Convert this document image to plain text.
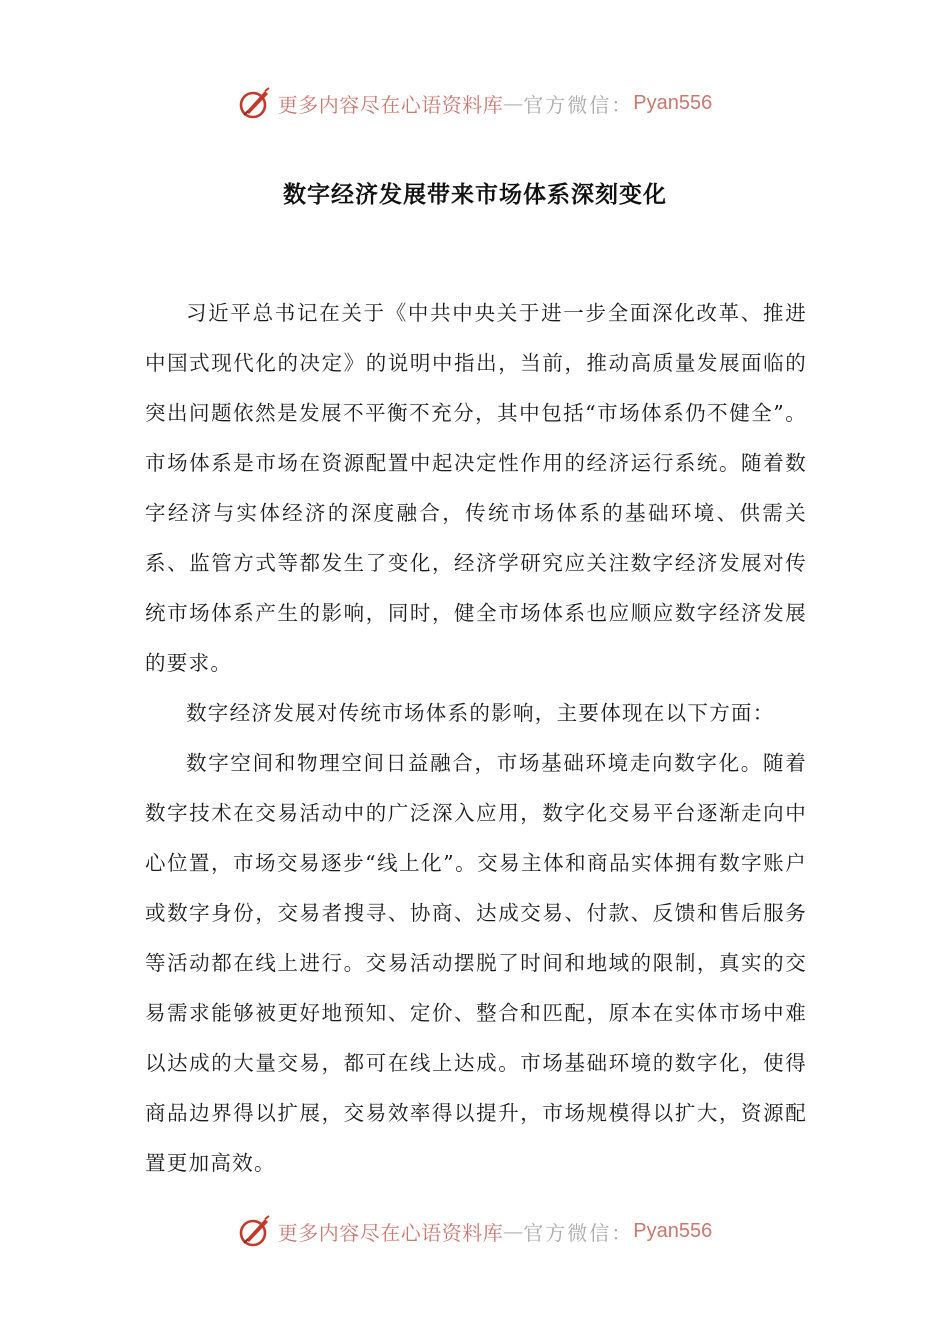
更多内容尽在心语资料库 — 官方微信： Pyan556
数字经济发展带来市场体系深刻变化

习近平总书记在关于《中共中央关于进一步全面深化改革、推进中国式现代化的决定》的说明中指出，当前，推动高质量发展面临的突出问题依然是发展不平衡不充分，其中包括“市场体系仍不健全”。市场体系是市场在资源配置中起决定性作用的经济运行系统。随着数字经济与实体经济的深度融合，传统市场体系的基础环境、供需关系、监管方式等都发生了变化，经济学研究应关注数字经济发展对传统市场体系产生的影响，同时，健全市场体系也应顺应数字经济发展的要求。

数字经济发展对传统市场体系的影响，主要体现在以下方面：

数字空间和物理空间日益融合，市场基础环境走向数字化。随着数字技术在交易活动中的广泛深入应用，数字化交易平台逐渐走向中心位置，市场交易逐步“线上化”。交易主体和商品实体拥有数字账户或数字身份，交易者搜寻、协商、达成交易、付款、反馈和售后服务等活动都在线上进行。交易活动摆脱了时间和地域的限制，真实的交易需求能够被更好地预知、定价、整合和匹配，原本在实体市场中难以达成的大量交易，都可在线上达成。市场基础环境的数字化，使得商品边界得以扩展，交易效率得以提升，市场规模得以扩大，资源配置更加高效。

更多内容尽在心语资料库 — 官方微信： Pyan556
